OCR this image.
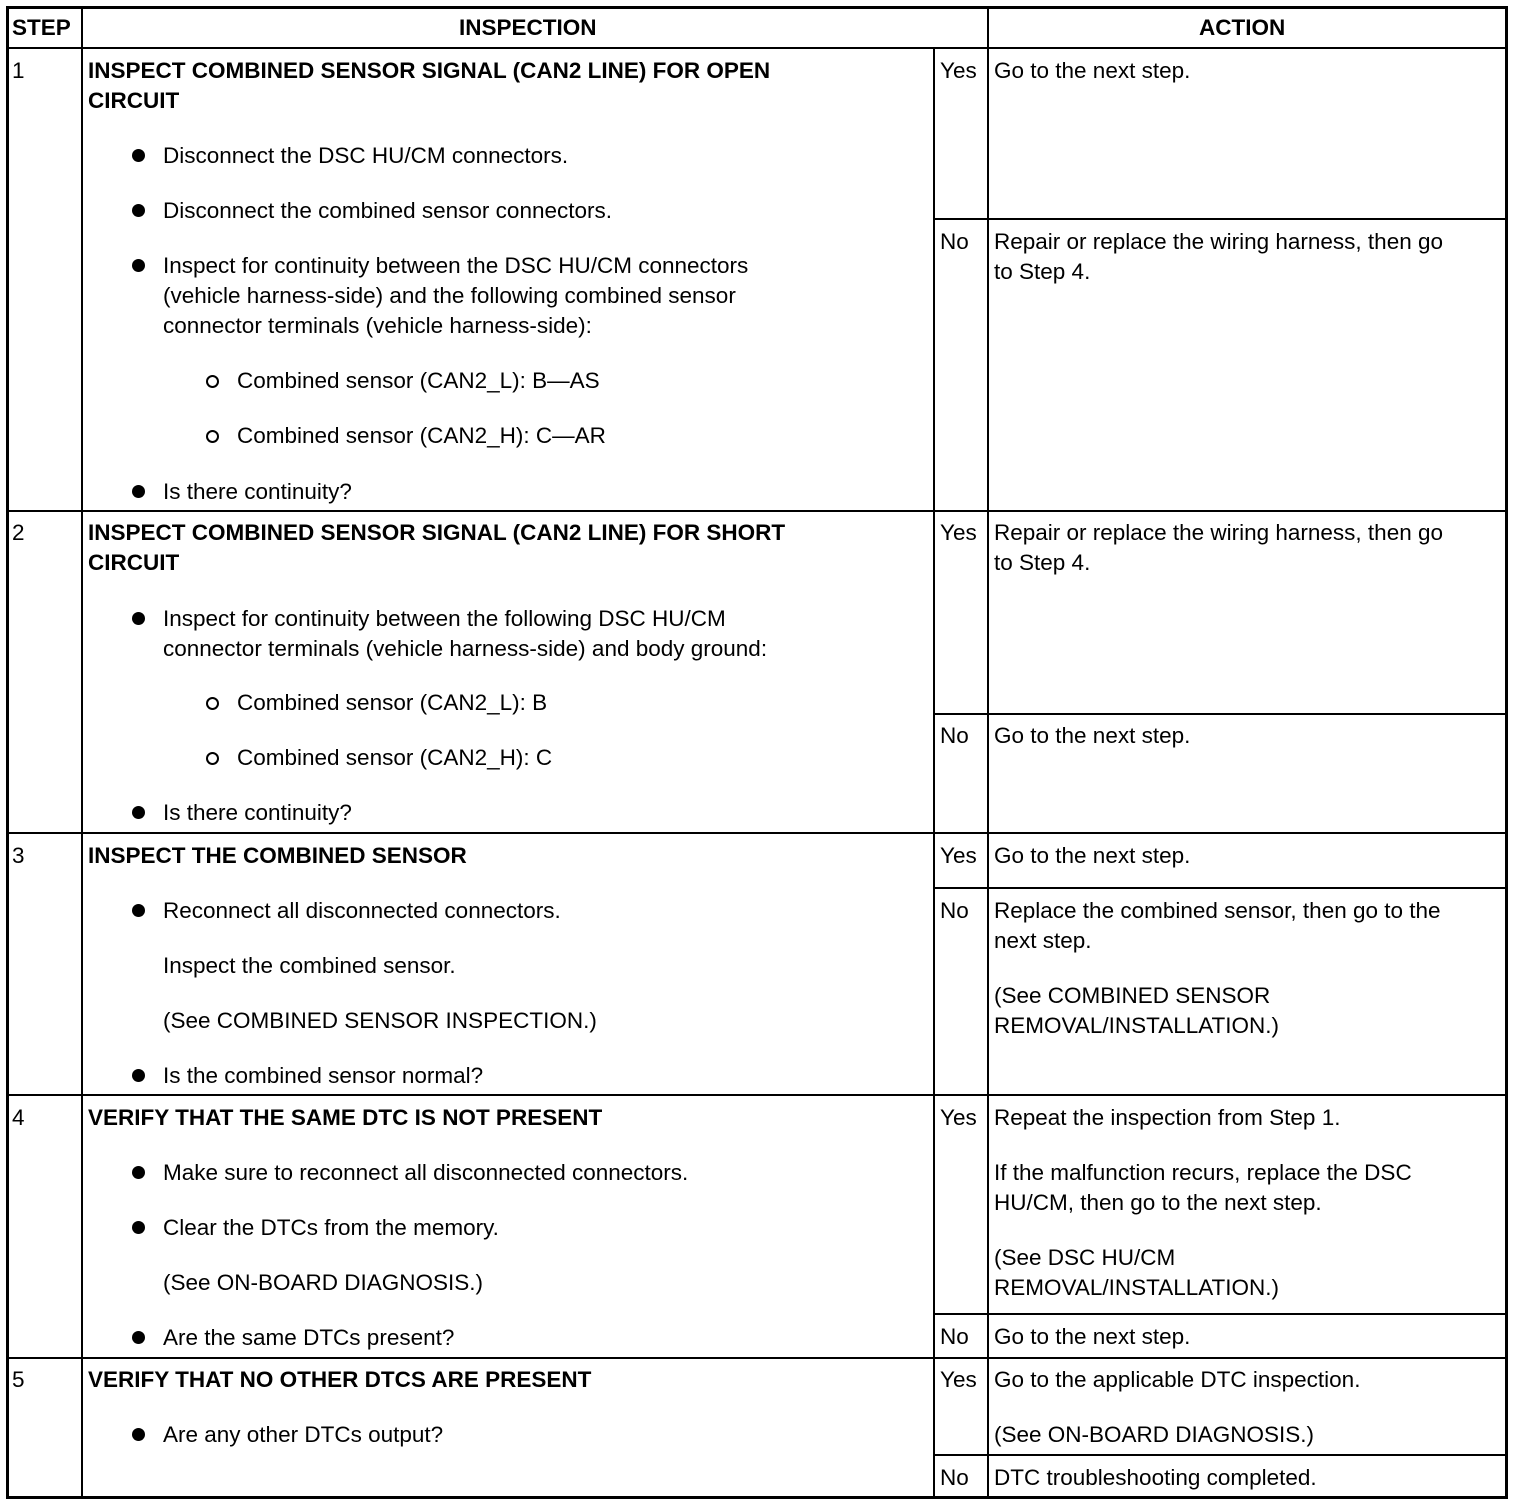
STEP	INSPECTION	ACTION
1	INSPECT COMBINED SENSOR SIGNAL (CAN2 LINE) FOR OPEN
CIRCUIT
Disconnect the DSC HU/CM connectors.
Disconnect the combined sensor connectors.
Inspect for continuity between the DSC HU/CM connectors
(vehicle harness-side) and the following combined sensor
connector terminals (vehicle harness-side):
Combined sensor (CAN2_L): B—AS
Combined sensor (CAN2_H): C—AR
Is there continuity?
Yes Go to the next step.
No Repair or replace the wiring harness, then go
to Step 4.
2	INSPECT COMBINED SENSOR SIGNAL (CAN2 LINE) FOR SHORT
CIRCUIT
Inspect for continuity between the following DSC HU/CM
connector terminals (vehicle harness-side) and body ground:
Combined sensor (CAN2_L): B
Combined sensor (CAN2_H): C
Is there continuity?
Yes Repair or replace the wiring harness, then go
to Step 4.
No Go to the next step.
3	INSPECT THE COMBINED SENSOR
Reconnect all disconnected connectors.
Inspect the combined sensor.
(See COMBINED SENSOR INSPECTION.)
Is the combined sensor normal?
Yes Go to the next step.
No Replace the combined sensor, then go to the
next step.
(See COMBINED SENSOR
REMOVAL/INSTALLATION.)
4	VERIFY THAT THE SAME DTC IS NOT PRESENT
Make sure to reconnect all disconnected connectors.
Clear the DTCs from the memory.
(See ON-BOARD DIAGNOSIS.)
Are the same DTCs present?
Yes Repeat the inspection from Step 1.
If the malfunction recurs, replace the DSC
HU/CM, then go to the next step.
(See DSC HU/CM
REMOVAL/INSTALLATION.)
No Go to the next step.
5	VERIFY THAT NO OTHER DTCS ARE PRESENT
Are any other DTCs output?
Yes Go to the applicable DTC inspection.
(See ON-BOARD DIAGNOSIS.)
No DTC troubleshooting completed.
